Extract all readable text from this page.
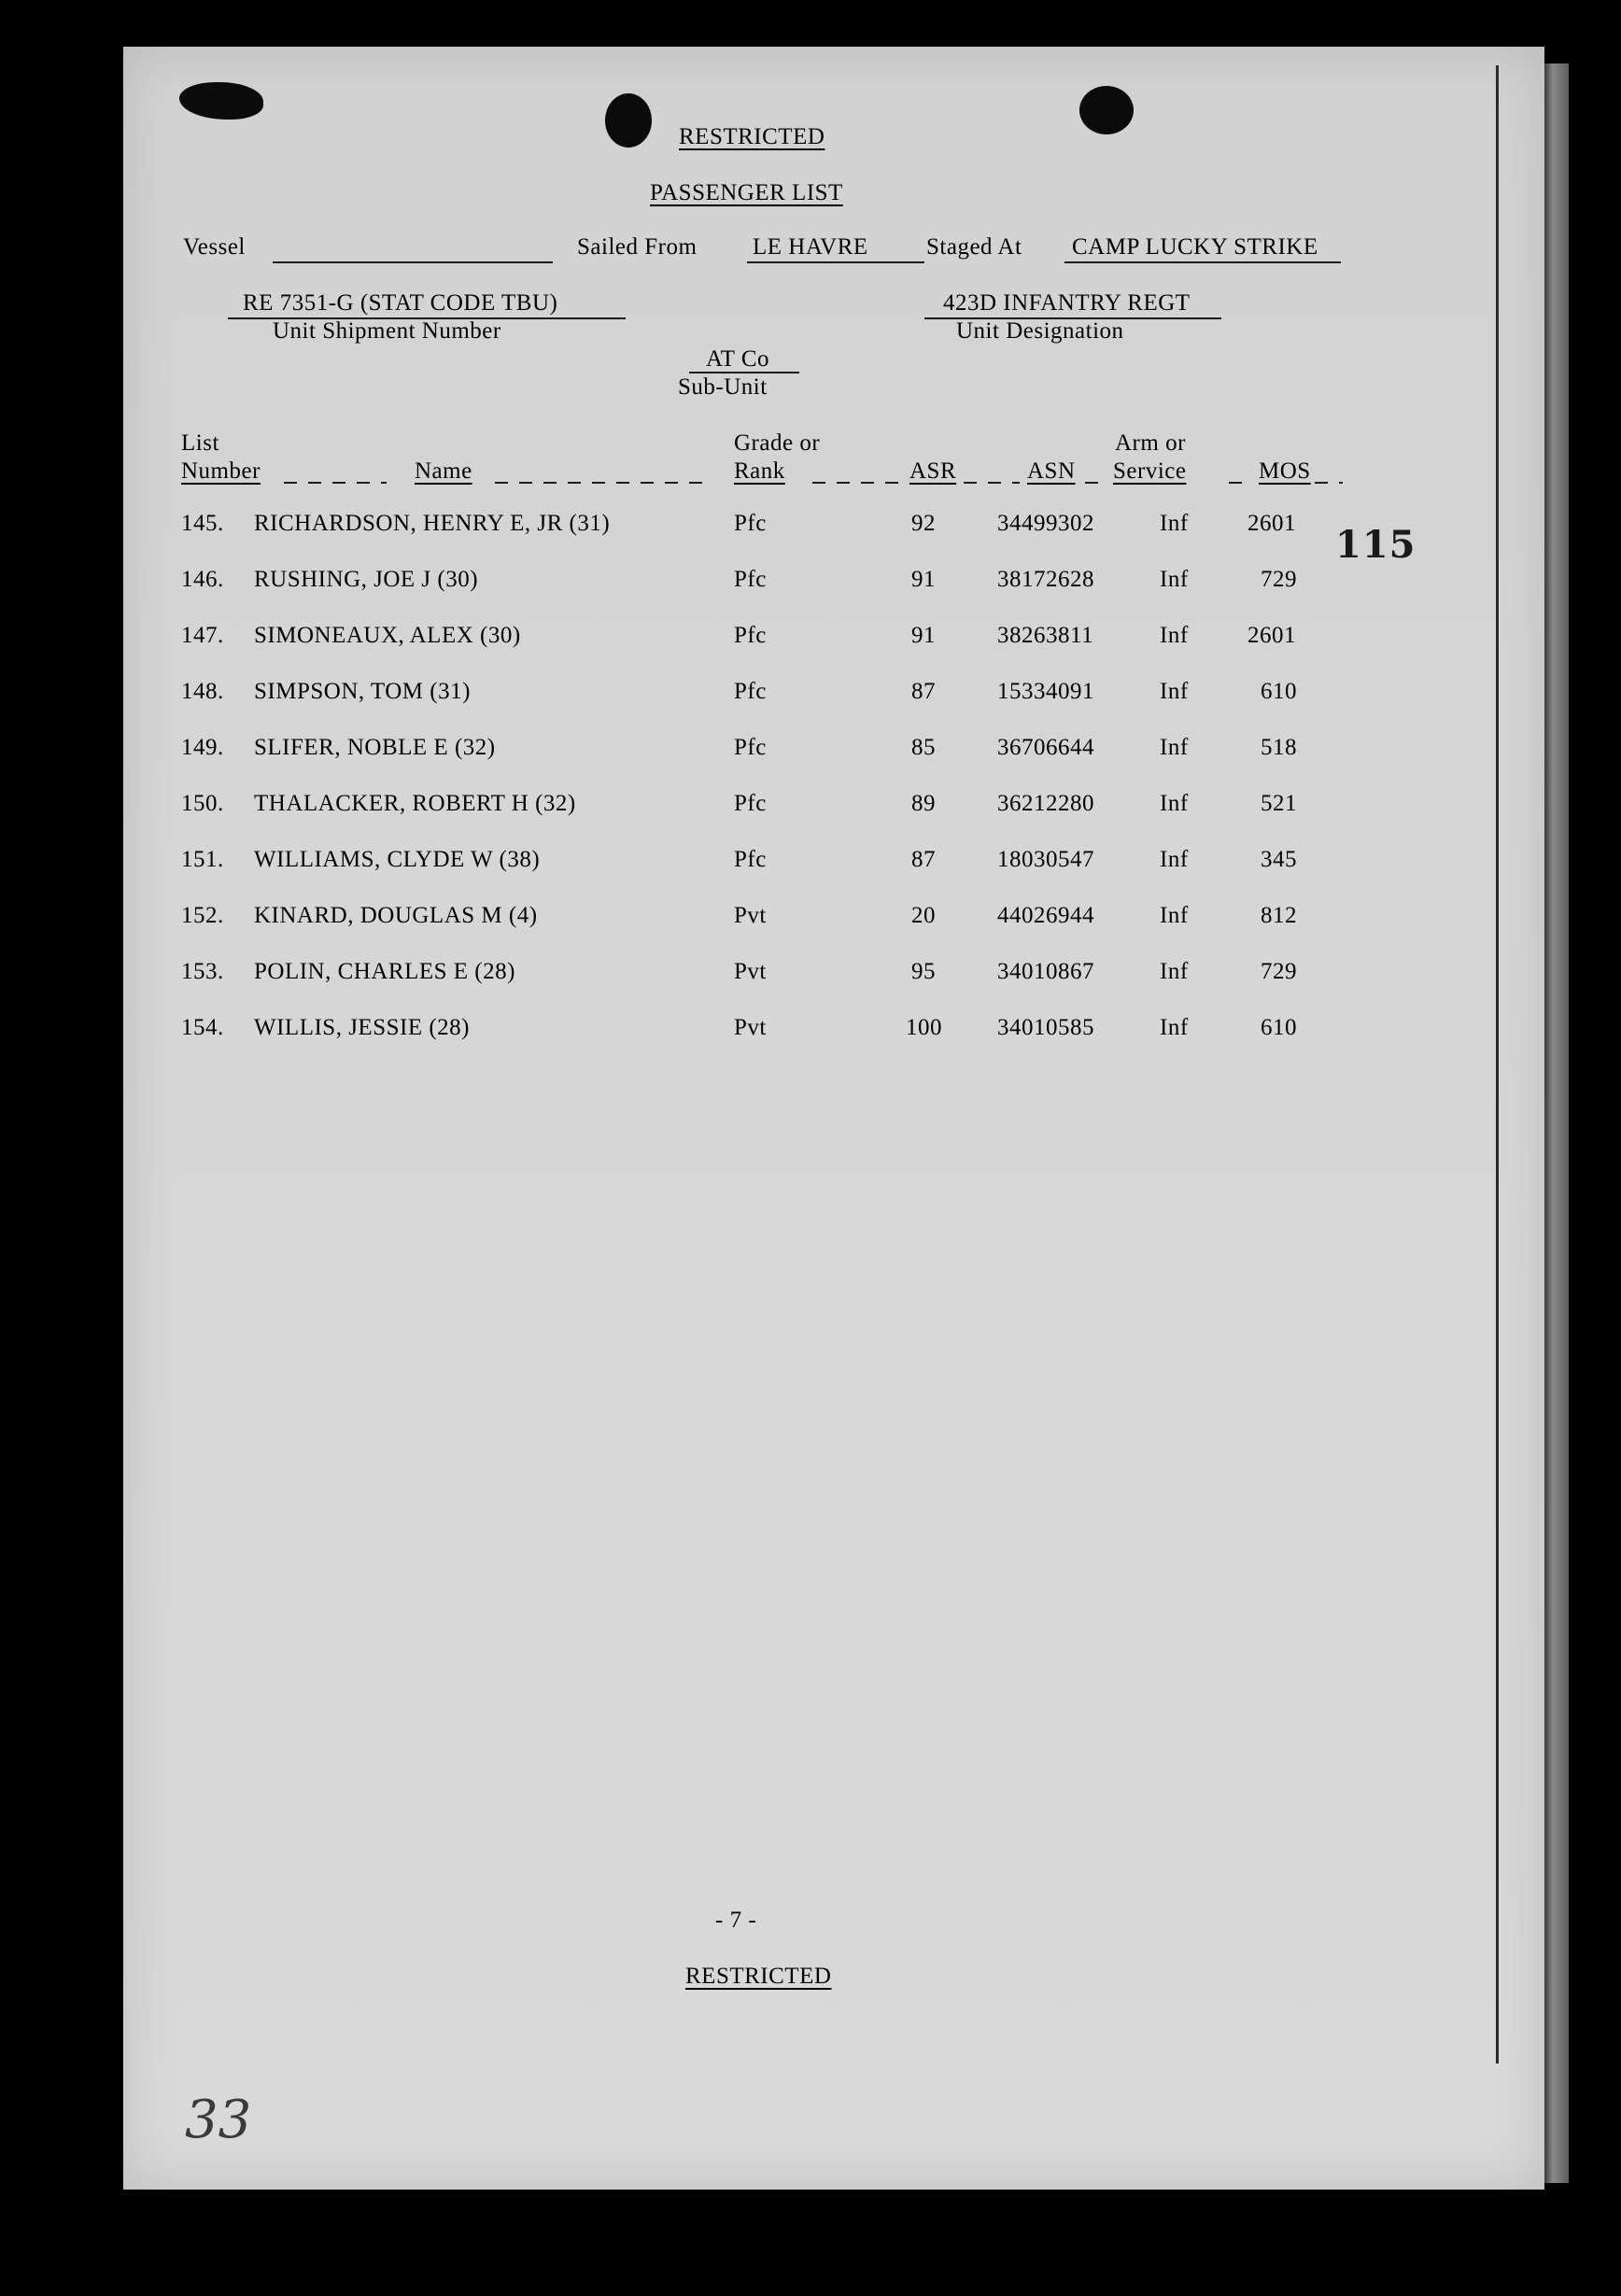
RESTRICTED
PASSENGER LIST
Vessel	Sailed From LE HAVRE Staged At CAMP LUCKY STRIKE
RE 7351-G (STAT CODE TBU)
Unit Shipment Number
423D INFANTRY REGT
Unit Designation
AT Co
Sub-Unit
List
Number	Name
Grade or
Rank	ASR	ASN
Arm or
Service	MOS
145. RICHARDSON, HENRY E, JR (31)	Pfc	92	34499302	Inf	2601
146. RUSHING, JOE J (30)	Pfc	91	38172628	Inf	729
147. SIMONEAUX, ALEX (30)	Pfc	91	38263811	Inf	2601
148. SIMPSON, TOM (31)	Pfc	87	15334091	Inf	610
149. SLIFER, NOBLE E (32)	Pfc	85	36706644	Inf	518
150. THALACKER, ROBERT H (32)	Pfc	89	36212280	Inf	521
151. WILLIAMS, CLYDE W (38)	Pfc	87	18030547	Inf	345
152. KINARD, DOUGLAS M (4)	Pvt	20	44026944	Inf	812
153. POLIN, CHARLES E (28)	Pvt	95	34010867	Inf	729
154. WILLIS, JESSIE (28)	Pvt	100 34010585	Inf	610
115
- 7 -
RESTRICTED
33
